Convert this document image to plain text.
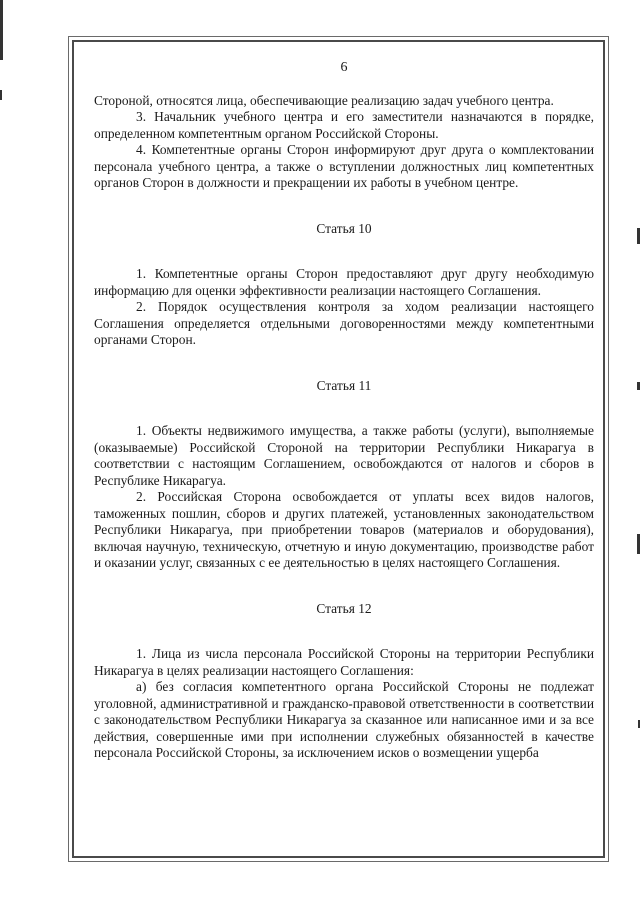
6

Стороной, относятся лица, обеспечивающие реализацию задач учебного центра.

3. Начальник учебного центра и его заместители назначаются в порядке, определенном компетентным органом Российской Стороны.

4. Компетентные органы Сторон информируют друг друга о комплектовании персонала учебного центра, а также о вступлении должностных лиц компетентных органов Сторон в должности и прекращении их работы в учебном центре.

Статья 10

1. Компетентные органы Сторон предоставляют друг другу необходимую информацию для оценки эффективности реализации настоящего Соглашения.

2. Порядок осуществления контроля за ходом реализации настоящего Соглашения определяется отдельными договоренностями между компетентными органами Сторон.

Статья 11

1. Объекты недвижимого имущества, а также работы (услуги), выполняемые (оказываемые) Российской Стороной на территории Республики Никарагуа в соответствии с настоящим Соглашением, освобождаются от налогов и сборов в Республике Никарагуа.

2. Российская Сторона освобождается от уплаты всех видов налогов, таможенных пошлин, сборов и других платежей, установленных законодательством Республики Никарагуа, при приобретении товаров (материалов и оборудования), включая научную, техническую, отчетную и иную документацию, производстве работ и оказании услуг, связанных с ее деятельностью в целях настоящего Соглашения.

Статья 12

1. Лица из числа персонала Российской Стороны на территории Республики Никарагуа в целях реализации настоящего Соглашения:

а) без согласия компетентного органа Российской Стороны не подлежат уголовной, административной и гражданско-правовой ответственности в соответствии с законодательством Республики Никарагуа за сказанное или написанное ими и за все действия, совершенные ими при исполнении служебных обязанностей в качестве персонала Российской Стороны, за исключением исков о возмещении ущерба
